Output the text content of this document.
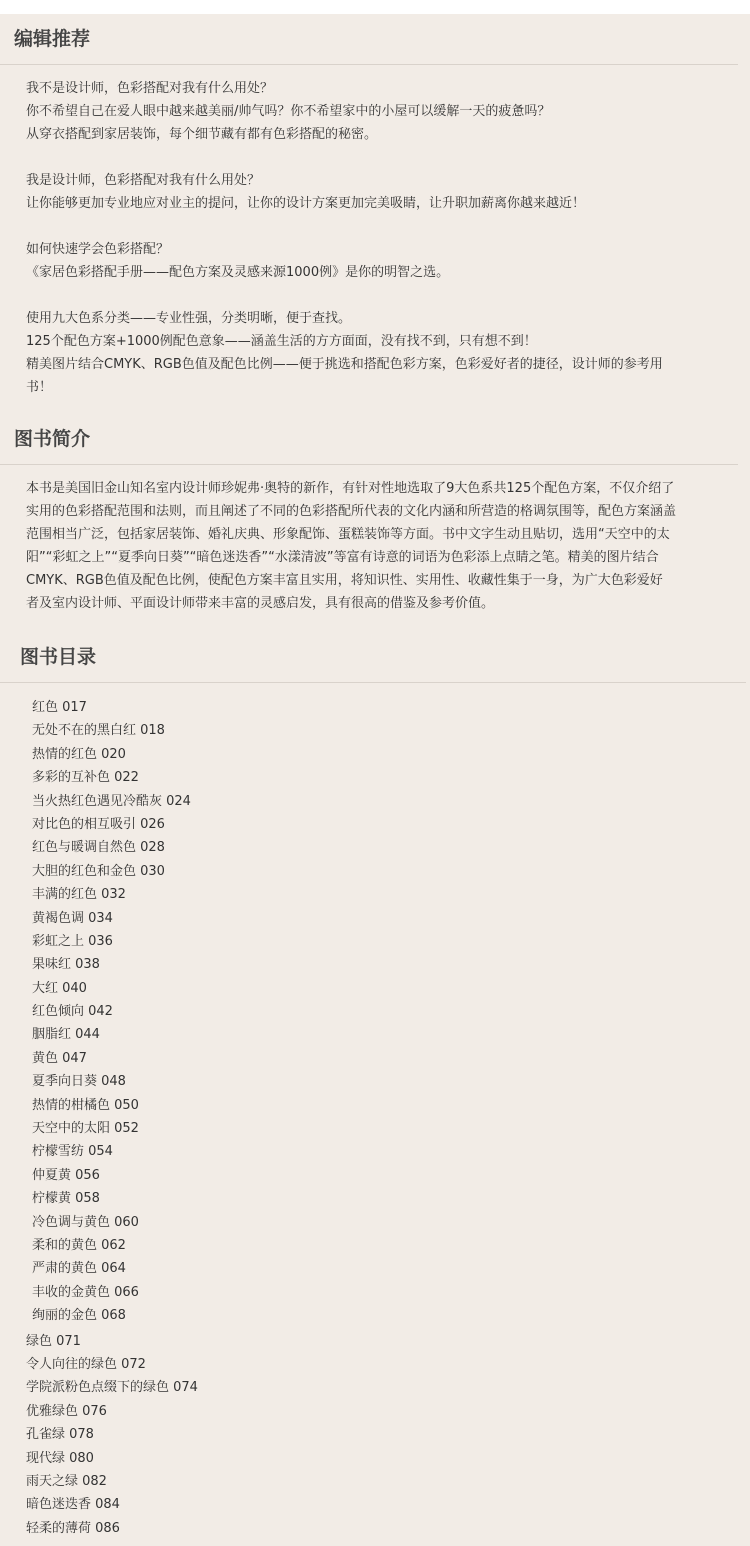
编辑推荐

我不是设计师，色彩搭配对我有什么用处？

你不希望自己在爱人眼中越来越美丽/帅气吗？你不希望家中的小屋可以缓解一天的疲惫吗？

从穿衣搭配到家居装饰，每个细节藏有都有色彩搭配的秘密。

我是设计师，色彩搭配对我有什么用处？

让你能够更加专业地应对业主的提问，让你的设计方案更加完美吸睛，让升职加薪离你越来越近！

如何快速学会色彩搭配？

《家居色彩搭配手册——配色方案及灵感来源1000例》是你的明智之选。

使用九大色系分类——专业性强，分类明晰，便于查找。

125个配色方案+1000例配色意象——涵盖生活的方方面面，没有找不到，只有想不到！

精美图片结合CMYK、RGB色值及配色比例——便于挑选和搭配色彩方案，色彩爱好者的捷径，设计师的参考用

书！

图书简介

本书是美国旧金山知名室内设计师珍妮弗·奥特的新作，有针对性地选取了9大色系共125个配色方案，不仅介绍了

实用的色彩搭配范围和法则，而且阐述了不同的色彩搭配所代表的文化内涵和所营造的格调氛围等，配色方案涵盖

范围相当广泛，包括家居装饰、婚礼庆典、形象配饰、蛋糕装饰等方面。书中文字生动且贴切，选用“天空中的太

阳”“彩虹之上”“夏季向日葵”“暗色迷迭香”“水漾清波”等富有诗意的词语为色彩添上点睛之笔。精美的图片结合

CMYK、RGB色值及配色比例，使配色方案丰富且实用，将知识性、实用性、收藏性集于一身，为广大色彩爱好

者及室内设计师、平面设计师带来丰富的灵感启发，具有很高的借鉴及参考价值。

图书目录
红色 017
无处不在的黑白红 018
热情的红色 020
多彩的互补色 022
当火热红色遇见冷酷灰 024
对比色的相互吸引 026
红色与暖调自然色 028
大胆的红色和金色 030
丰满的红色 032
黄褐色调 034
彩虹之上 036
果味红 038
大红 040
红色倾向 042
胭脂红 044
黄色 047
夏季向日葵 048
热情的柑橘色 050
天空中的太阳 052
柠檬雪纺 054
仲夏黄 056
柠檬黄 058
冷色调与黄色 060
柔和的黄色 062
严肃的黄色 064
丰收的金黄色 066
绚丽的金色 068
绿色 071
令人向往的绿色 072
学院派粉色点缀下的绿色 074
优雅绿色 076
孔雀绿 078
现代绿 080
雨天之绿 082
暗色迷迭香 084
轻柔的薄荷 086
